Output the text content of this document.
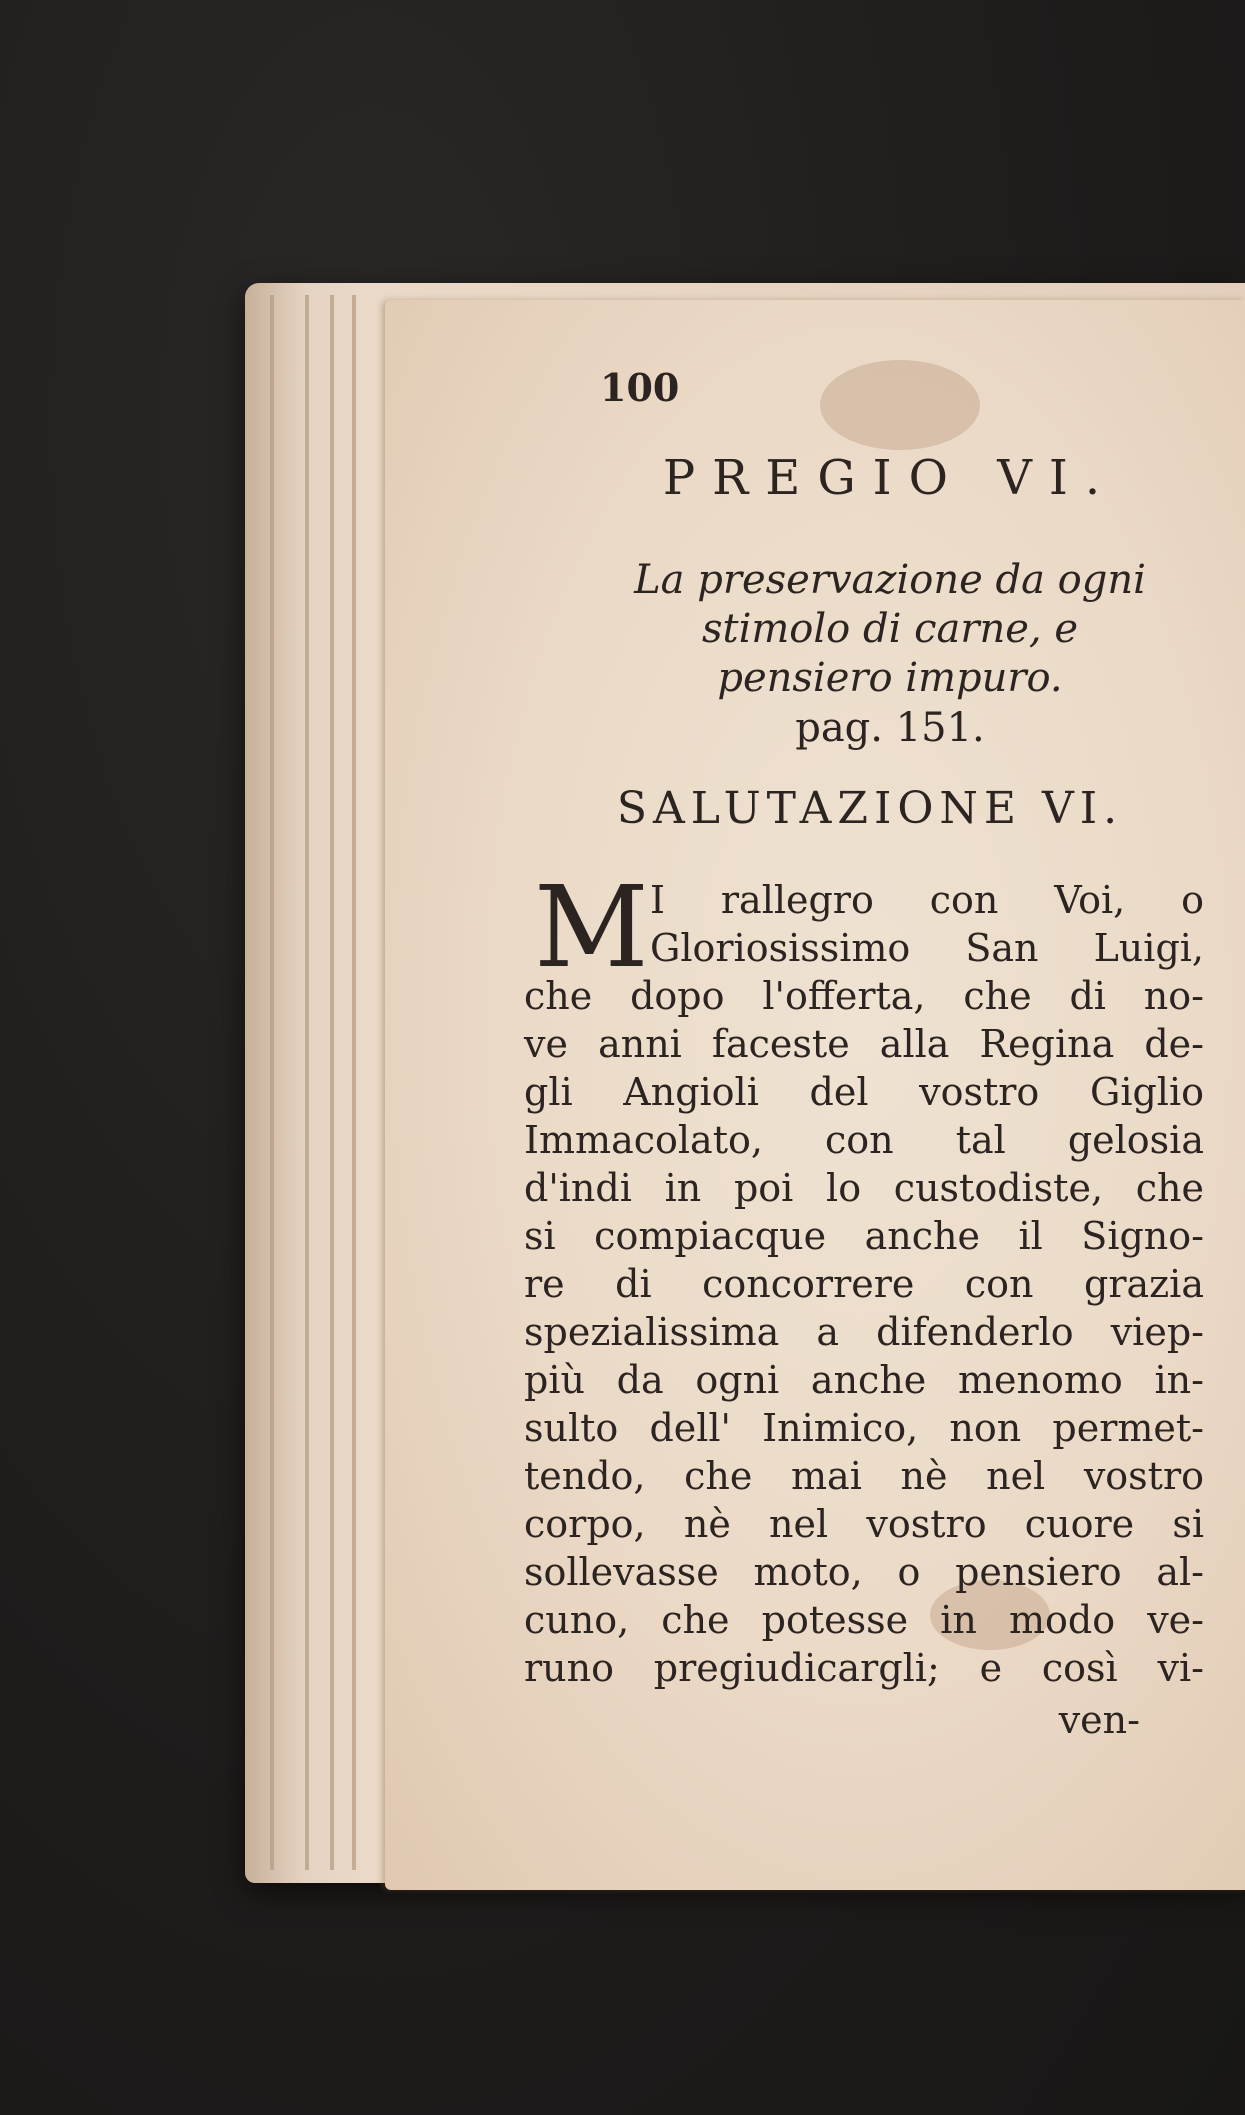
100
PREGIO VI.
La preservazione da ogni
stimolo di carne, e
pensiero impuro.
pag. 151.
SALUTAZIONE VI.
M I rallegro con Voi, o
Gloriosissimo San Luigi,
che dopo l'offerta, che di no-
ve anni faceste alla Regina de-
gli Angioli del vostro Giglio
Immacolato, con tal gelosia
d'indi in poi lo custodiste, che
si compiacque anche il Signo-
re di concorrere con grazia
spezialissima a difenderlo viep-
più da ogni anche menomo in-
sulto dell' Inimico, non permet-
tendo, che mai nè nel vostro
corpo, nè nel vostro cuore si
sollevasse moto, o pensiero al-
cuno, che potesse in modo ve-
runo pregiudicargli; e così vi-
ven-
